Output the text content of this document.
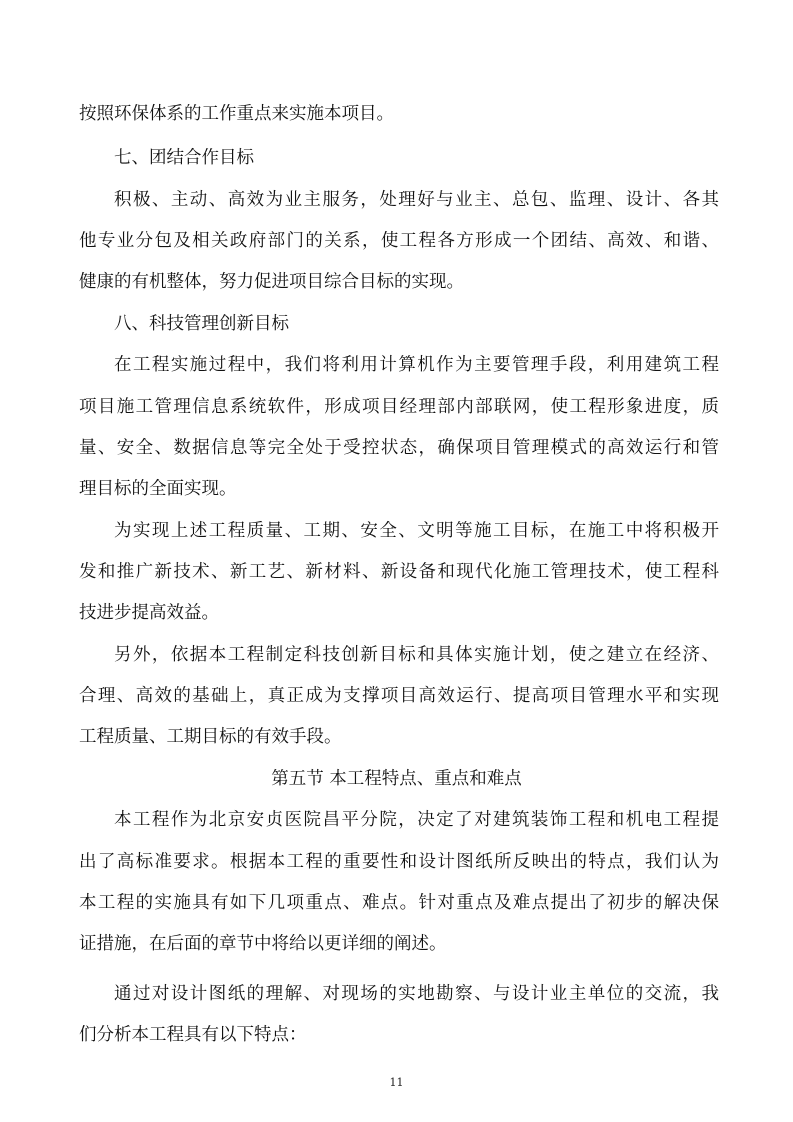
按照环保体系的工作重点来实施本项目。
七、团结合作目标
积极、主动、高效为业主服务，处理好与业主、总包、监理、设计、各其
他专业分包及相关政府部门的关系，使工程各方形成一个团结、高效、和谐、
健康的有机整体，努力促进项目综合目标的实现。
八、科技管理创新目标
在工程实施过程中，我们将利用计算机作为主要管理手段，利用建筑工程
项目施工管理信息系统软件，形成项目经理部内部联网，使工程形象进度，质
量、安全、数据信息等完全处于受控状态，确保项目管理模式的高效运行和管
理目标的全面实现。
为实现上述工程质量、工期、安全、文明等施工目标，在施工中将积极开
发和推广新技术、新工艺、新材料、新设备和现代化施工管理技术，使工程科
技进步提高效益。
另外，依据本工程制定科技创新目标和具体实施计划，使之建立在经济、
合理、高效的基础上，真正成为支撑项目高效运行、提高项目管理水平和实现
工程质量、工期目标的有效手段。
第五节 本工程特点、重点和难点
本工程作为北京安贞医院昌平分院，决定了对建筑装饰工程和机电工程提
出了高标准要求。根据本工程的重要性和设计图纸所反映出的特点，我们认为
本工程的实施具有如下几项重点、难点。针对重点及难点提出了初步的解决保
证措施，在后面的章节中将给以更详细的阐述。
通过对设计图纸的理解、对现场的实地勘察、与设计业主单位的交流，我
们分析本工程具有以下特点：
11
